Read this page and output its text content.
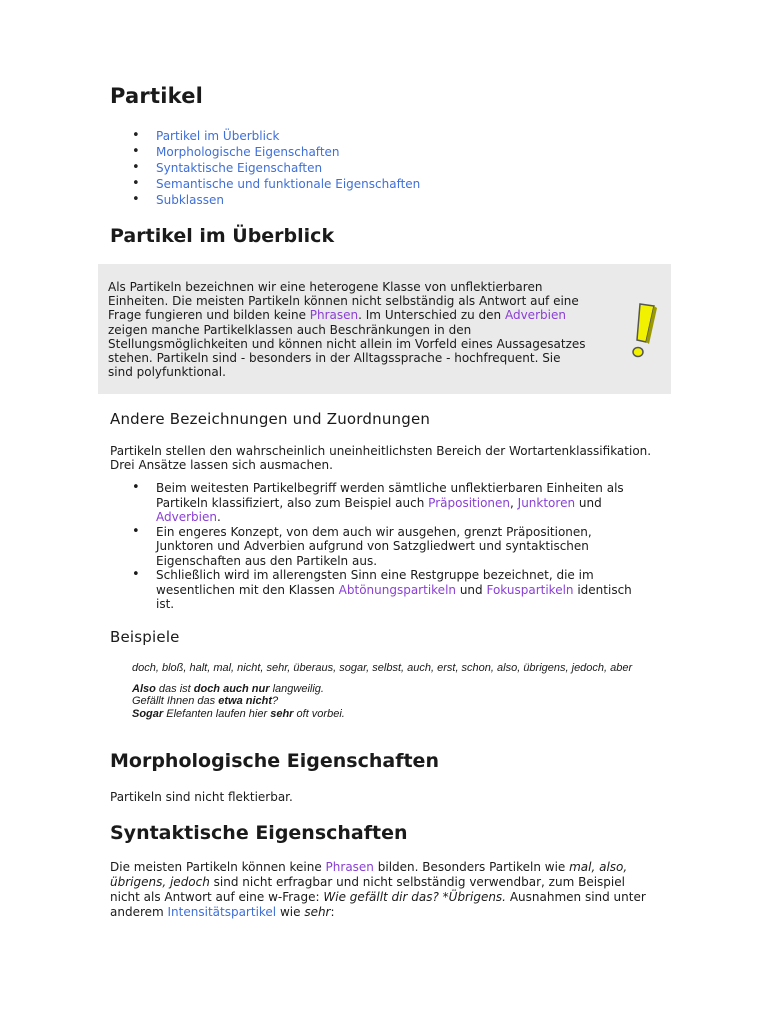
Partikel
• Partikel im Überblick
• Morphologische Eigenschaften
• Syntaktische Eigenschaften
• Semantische und funktionale Eigenschaften
• Subklassen
Partikel im Überblick

Als Partikeln bezeichnen wir eine heterogene Klasse von unflektierbaren Einheiten. Die meisten Partikeln können nicht selbständig als Antwort auf eine Frage fungieren und bilden keine Phrasen. Im Unterschied zu den Adverbien zeigen manche Partikelklassen auch Beschränkungen in den Stellungsmöglichkeiten und können nicht allein im Vorfeld eines Aussagesatzes stehen. Partikeln sind - besonders in der Alltagssprache - hochfrequent. Sie sind polyfunktional.

Andere Bezeichnungen und Zuordnungen

Partikeln stellen den wahrscheinlich uneinheitlichsten Bereich der Wortartenklassifikation. Drei Ansätze lassen sich ausmachen.

• Beim weitesten Partikelbegriff werden sämtliche unflektierbaren Einheiten als Partikeln klassifiziert, also zum Beispiel auch Präpositionen, Junktoren und Adverbien.
• Ein engeres Konzept, von dem auch wir ausgehen, grenzt Präpositionen, Junktoren und Adverbien aufgrund von Satzgliedwert und syntaktischen Eigenschaften aus den Partikeln aus.
• Schließlich wird im allerengsten Sinn eine Restgruppe bezeichnet, die im wesentlichen mit den Klassen Abtönungspartikeln und Fokuspartikeln identisch ist.
Beispiele
doch, bloß, halt, mal, nicht, sehr, überaus, sogar, selbst, auch, erst, schon, also, übrigens, jedoch, aber
Also das ist doch auch nur langweilig.
Gefällt Ihnen das etwa nicht?
Sogar Elefanten laufen hier sehr oft vorbei.
Morphologische Eigenschaften

Partikeln sind nicht flektierbar.

Syntaktische Eigenschaften

Die meisten Partikeln können keine Phrasen bilden. Besonders Partikeln wie mal, also, übrigens, jedoch sind nicht erfragbar und nicht selbständig verwendbar, zum Beispiel nicht als Antwort auf eine w-Frage: Wie gefällt dir das? *Übrigens. Ausnahmen sind unter anderem Intensitätspartikel wie sehr:
